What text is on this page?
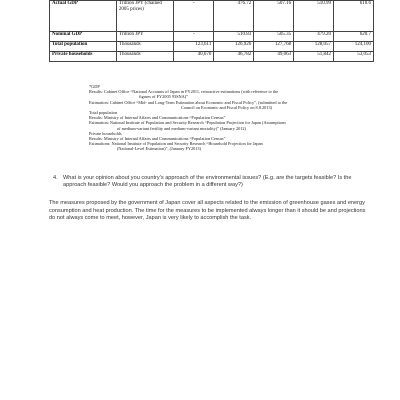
Actual GDP	Trillion JPY (chained 2005 prices)	-	476.72	507.16	510.99	610.6
Nominal GDP	Trillion JPY	-	510.83	505.35	479.20	620.7
Total population	Thousands	123,611	126,926	127,768	128,057	124,100
Private households	Thousands	40,670	46,782	49,063	51,842	53,053
*GDP
Results: Cabinet Office “National Accounts of Japan in FY2011, retroactive estimations (with reference to the
figures of FY2005 93SNA)”
Estimation: Cabinet Office “Mid- and Long-Term Estimation about Economic and Fiscal Policy”, (submitted to the
Council on Economic and Fiscal Policy on 8.8.2013)
Total population
Results: Ministry of Internal Affairs and Communications “Population Census”
Estimation: National Institute of Population and Security Research “Population Projection for Japan (Assumptions
of medium-variant fertility and medium-variant mortality)” (January 2012)
Private households
Results: Ministry of Internal Affairs and Communications “Population Census”
Estimations: National Institute of Population and Security Research “Household Projection for Japan
(National-Level Estimation)”, (January FY2013)
4. What is your opinion about you country’s approach of the environmental issues? (E.g. are the targets feasible? Is the approach feasible? Would you approach the problem in a different way?)
The measures proposed by the government of Japan cover all aspects related to the emission of greenhouse gases and energy consumption and heat production. The time for the measures to be implemented always longer than it should be and projections do not always come to meet, however, Japan is very likely to accomplish the task.
